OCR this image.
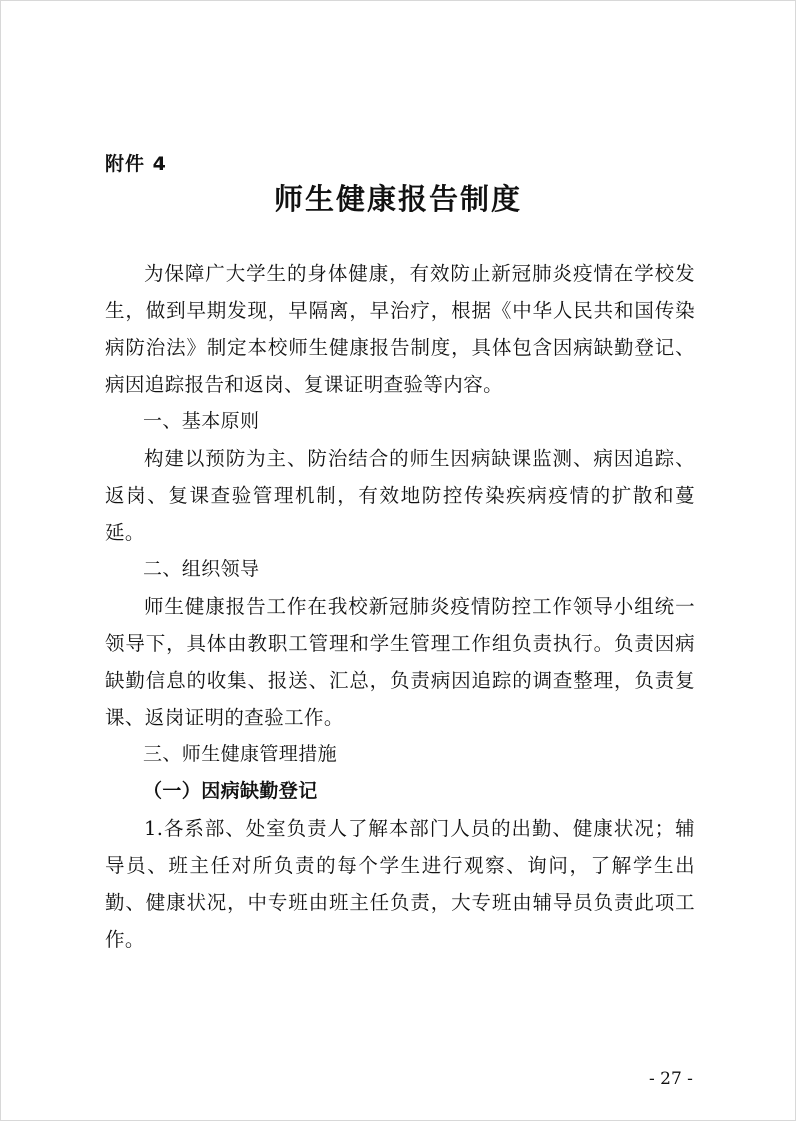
附件 4
师生健康报告制度

为保障广大学生的身体健康，有效防止新冠肺炎疫情在学校发生，做到早期发现，早隔离，早治疗，根据《中华人民共和国传染病防治法》制定本校师生健康报告制度，具体包含因病缺勤登记、病因追踪报告和返岗、复课证明查验等内容。

一、基本原则

构建以预防为主、防治结合的师生因病缺课监测、病因追踪、返岗、复课查验管理机制，有效地防控传染疾病疫情的扩散和蔓延。

二、组织领导

师生健康报告工作在我校新冠肺炎疫情防控工作领导小组统一领导下，具体由教职工管理和学生管理工作组负责执行。负责因病缺勤信息的收集、报送、汇总，负责病因追踪的调查整理，负责复课、返岗证明的查验工作。

三、师生健康管理措施
（一）因病缺勤登记

1.各系部、处室负责人了解本部门人员的出勤、健康状况；辅导员、班主任对所负责的每个学生进行观察、询问，了解学生出勤、健康状况，中专班由班主任负责，大专班由辅导员负责此项工作。

- 27 -
